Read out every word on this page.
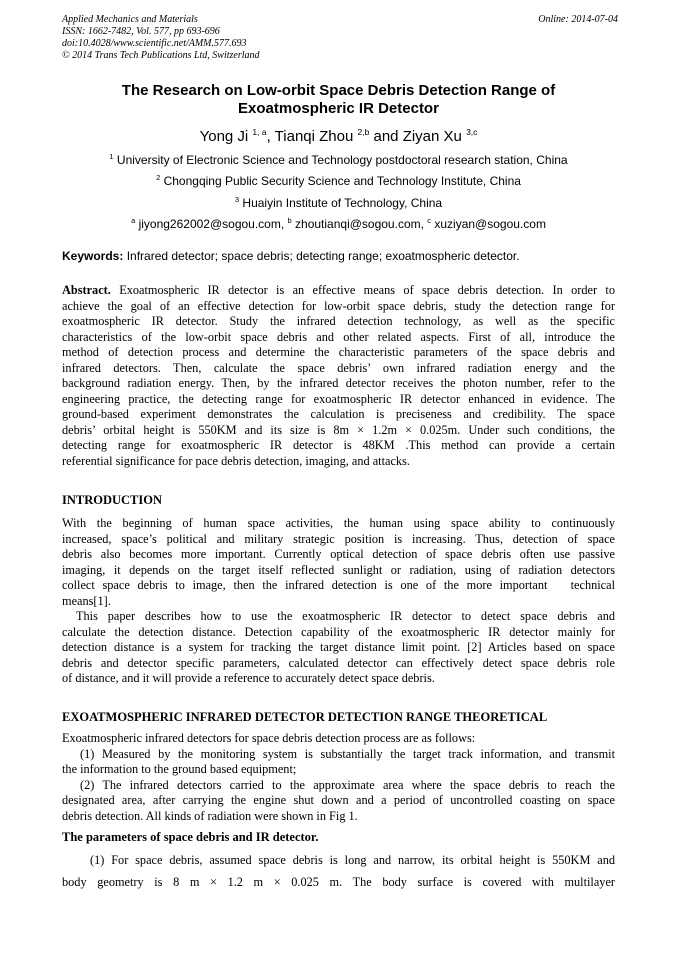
Applied Mechanics and Materials
ISSN: 1662-7482, Vol. 577, pp 693-696
doi:10.4028/www.scientific.net/AMM.577.693
© 2014 Trans Tech Publications Ltd, Switzerland
Online: 2014-07-04
The Research on Low-orbit Space Debris Detection Range of
Exoatmospheric IR Detector
Yong Ji $^{1, a}$, Tianqi Zhou $^{2,b}$ and Ziyan Xu $^{3,c}$
$^1$ University of Electronic Science and Technology postdoctoral research station, China
$^2$ Chongqing Public Security Science and Technology Institute, China
$^3$ Huaiyin Institute of Technology, China
$^a$ jiyong262002@sogou.com, $^b$ zhoutianqi@sogou.com, $^c$ xuziyan@sogou.com
Keywords: Infrared detector; space debris; detecting range; exoatmospheric detector.
Abstract. Exoatmospheric IR detector is an effective means of space debris detection. In order to
achieve the goal of an effective detection for low-orbit space debris, study the detection range for
exoatmospheric IR detector. Study the infrared detection technology, as well as the specific
characteristics of the low-orbit space debris and other related aspects. First of all, introduce the
method of detection process and determine the characteristic parameters of the space debris and
infrared detectors. Then, calculate the space debris’ own infrared radiation energy and the
background radiation energy. Then, by the infrared detector receives the photon number, refer to the
engineering practice, the detecting range for exoatmospheric IR detector enhanced in evidence. The
ground-based experiment demonstrates the calculation is preciseness and credibility. The space
debris’ orbital height is 550KM and its size is 8m × 1.2m × 0.025m. Under such conditions, the
detecting range for exoatmospheric IR detector is 48KM .This method can provide a certain
referential significance for pace debris detection, imaging, and attacks.
INTRODUCTION
With the beginning of human space activities, the human using space ability to continuously
increased, space’s political and military strategic position is increasing. Thus, detection of space
debris also becomes more important. Currently optical detection of space debris often use passive
imaging, it depends on the target itself reflected sunlight or radiation, using of radiation detectors
collect space debris to image, then the infrared detection is one of the more important   technical
means[1].
This paper describes how to use the exoatmospheric IR detector to detect space debris and
calculate the detection distance. Detection capability of the exoatmospheric IR detector mainly for
detection distance is a system for tracking the target distance limit point. [2] Articles based on space
debris and detector specific parameters, calculated detector can effectively detect space debris role
of distance, and it will provide a reference to accurately detect space debris.
EXOATMOSPHERIC INFRARED DETECTOR DETECTION RANGE THEORETICAL
Exoatmospheric infrared detectors for space debris detection process are as follows:
(1) Measured by the monitoring system is substantially the target track information, and transmit
the information to the ground based equipment;
(2) The infrared detectors carried to the approximate area where the space debris to reach the
designated area, after carrying the engine shut down and a period of uncontrolled coasting on space
debris detection. All kinds of radiation were shown in Fig 1.
The parameters of space debris and IR detector.
(1) For space debris, assumed space debris is long and narrow, its orbital height is 550KM and
body geometry is 8 m × 1.2 m × 0.025 m. The body surface is covered with multilayer
